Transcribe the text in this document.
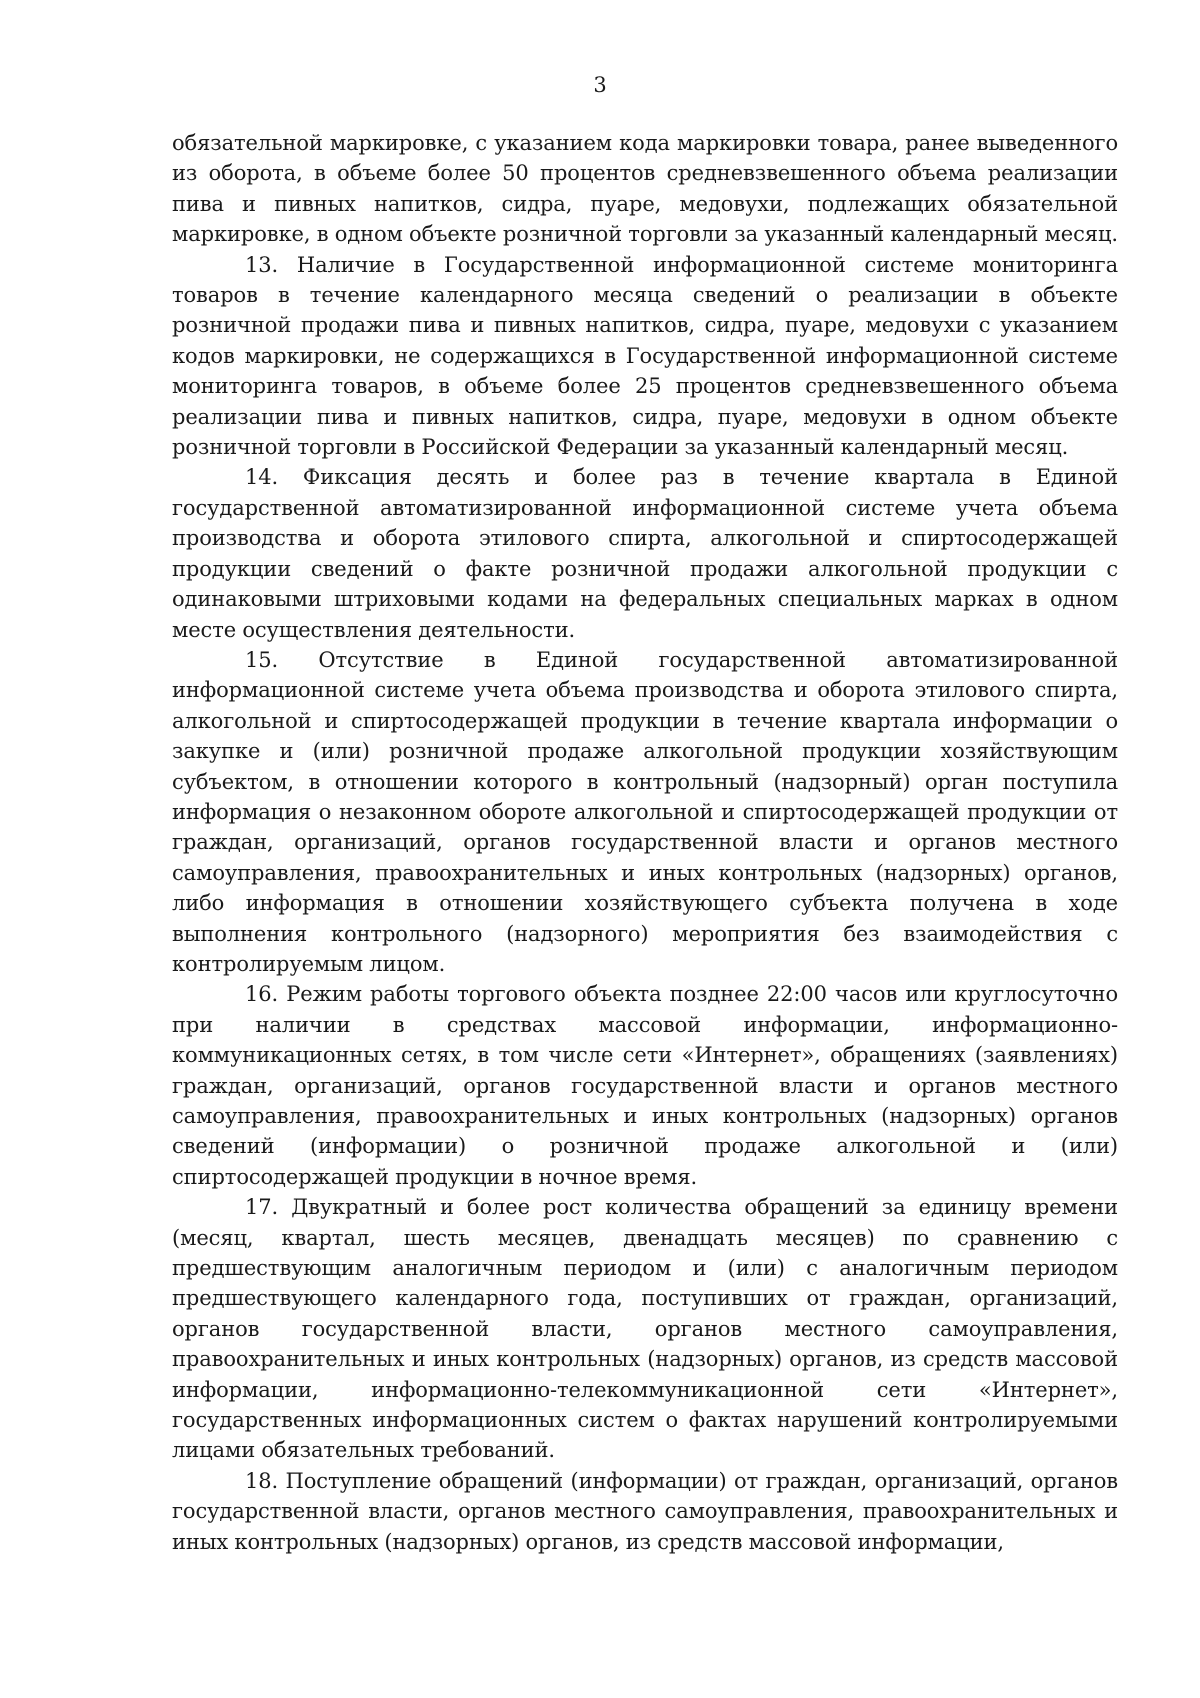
3

обязательной маркировке, с указанием кода маркировки товара, ранее выведенного из оборота, в объеме более 50 процентов средневзвешенного объема реализации пива и пивных напитков, сидра, пуаре, медовухи, подлежащих обязательной маркировке, в одном объекте розничной торговли за указанный календарный месяц.

13. Наличие в Государственной информационной системе мониторинга товаров в течение календарного месяца сведений о реализации в объекте розничной продажи пива и пивных напитков, сидра, пуаре, медовухи с указанием кодов маркировки, не содержащихся в Государственной информационной системе мониторинга товаров, в объеме более 25 процентов средневзвешенного объема реализации пива и пивных напитков, сидра, пуаре, медовухи в одном объекте розничной торговли в Российской Федерации за указанный календарный месяц.

14. Фиксация десять и более раз в течение квартала в Единой государственной автоматизированной информационной системе учета объема производства и оборота этилового спирта, алкогольной и спиртосодержащей продукции сведений о факте розничной продажи алкогольной продукции с одинаковыми штриховыми кодами на федеральных специальных марках в одном месте осуществления деятельности.

15. Отсутствие в Единой государственной автоматизированной информационной системе учета объема производства и оборота этилового спирта, алкогольной и спиртосодержащей продукции в течение квартала информации о закупке и (или) розничной продаже алкогольной продукции хозяйствующим субъектом, в отношении которого в контрольный (надзорный) орган поступила информация о незаконном обороте алкогольной и спиртосодержащей продукции от граждан, организаций, органов государственной власти и органов местного самоуправления, правоохранительных и иных контрольных (надзорных) органов, либо информация в отношении хозяйствующего субъекта получена в ходе выполнения контрольного (надзорного) мероприятия без взаимодействия с контролируемым лицом.

16. Режим работы торгового объекта позднее 22:00 часов или круглосуточно при наличии в средствах массовой информации, информационно-коммуникационных сетях, в том числе сети «Интернет», обращениях (заявлениях) граждан, организаций, органов государственной власти и органов местного самоуправления, правоохранительных и иных контрольных (надзорных) органов сведений (информации) о розничной продаже алкогольной и (или) спиртосодержащей продукции в ночное время.

17. Двукратный и более рост количества обращений за единицу времени (месяц, квартал, шесть месяцев, двенадцать месяцев) по сравнению с предшествующим аналогичным периодом и (или) с аналогичным периодом предшествующего календарного года, поступивших от граждан, организаций, органов государственной власти, органов местного самоуправления, правоохранительных и иных контрольных (надзорных) органов, из средств массовой информации, информационно-телекоммуникационной сети «Интернет», государственных информационных систем о фактах нарушений контролируемыми лицами обязательных требований.

18. Поступление обращений (информации) от граждан, организаций, органов государственной власти, органов местного самоуправления, правоохранительных и иных контрольных (надзорных) органов, из средств массовой информации,
